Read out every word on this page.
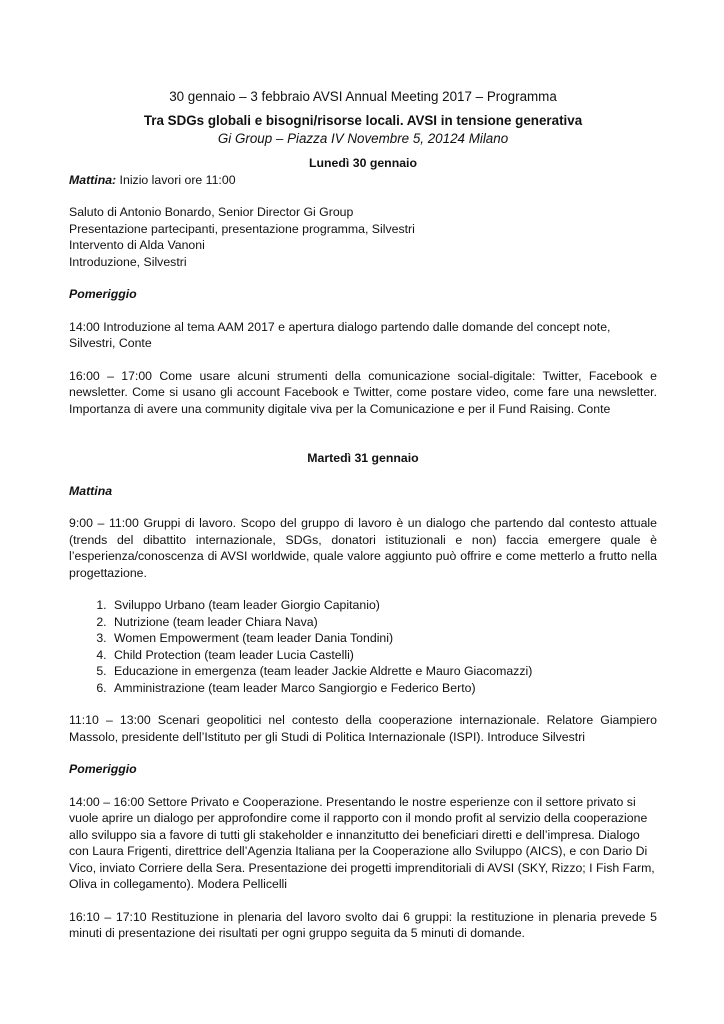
30 gennaio – 3 febbraio AVSI Annual Meeting 2017 – Programma

Tra SDGs globali e bisogni/risorse locali. AVSI in tensione generativa

Gi Group – Piazza IV Novembre 5, 20124 Milano

Lunedì 30 gennaio

Mattina: Inizio lavori ore 11:00

Saluto di Antonio Bonardo, Senior Director Gi Group

Presentazione partecipanti, presentazione programma, Silvestri

Intervento di Alda Vanoni

Introduzione, Silvestri

Pomeriggio

14:00 Introduzione al tema AAM 2017 e apertura dialogo partendo dalle domande del concept note, Silvestri, Conte

16:00 – 17:00 Come usare alcuni strumenti della comunicazione social-digitale: Twitter, Facebook e newsletter. Come si usano gli account Facebook e Twitter, come postare video, come fare una newsletter. Importanza di avere una community digitale viva per la Comunicazione e per il Fund Raising. Conte

Martedì 31 gennaio

Mattina

9:00 – 11:00 Gruppi di lavoro. Scopo del gruppo di lavoro è un dialogo che partendo dal contesto attuale (trends del dibattito internazionale, SDGs, donatori istituzionali e non) faccia emergere quale è l’esperienza/conoscenza di AVSI worldwide, quale valore aggiunto può offrire e come metterlo a frutto nella progettazione.

1. Sviluppo Urbano (team leader Giorgio Capitanio)
2. Nutrizione (team leader Chiara Nava)
3. Women Empowerment (team leader Dania Tondini)
4. Child Protection (team leader Lucia Castelli)
5. Educazione in emergenza (team leader Jackie Aldrette e Mauro Giacomazzi)
6. Amministrazione (team leader Marco Sangiorgio e Federico Berto)

11:10 – 13:00 Scenari geopolitici nel contesto della cooperazione internazionale. Relatore Giampiero Massolo, presidente dell’Istituto per gli Studi di Politica Internazionale (ISPI). Introduce Silvestri

Pomeriggio

14:00 – 16:00 Settore Privato e Cooperazione. Presentando le nostre esperienze con il settore privato si vuole aprire un dialogo per approfondire come il rapporto con il mondo profit al servizio della cooperazione allo sviluppo sia a favore di tutti gli stakeholder e innanzitutto dei beneficiari diretti e dell’impresa. Dialogo con Laura Frigenti, direttrice dell’Agenzia Italiana per la Cooperazione allo Sviluppo (AICS), e con Dario Di Vico, inviato Corriere della Sera. Presentazione dei progetti imprenditoriali di AVSI (SKY, Rizzo; I Fish Farm, Oliva in collegamento). Modera Pellicelli

16:10 – 17:10 Restituzione in plenaria del lavoro svolto dai 6 gruppi: la restituzione in plenaria prevede 5 minuti di presentazione dei risultati per ogni gruppo seguita da 5 minuti di domande.
